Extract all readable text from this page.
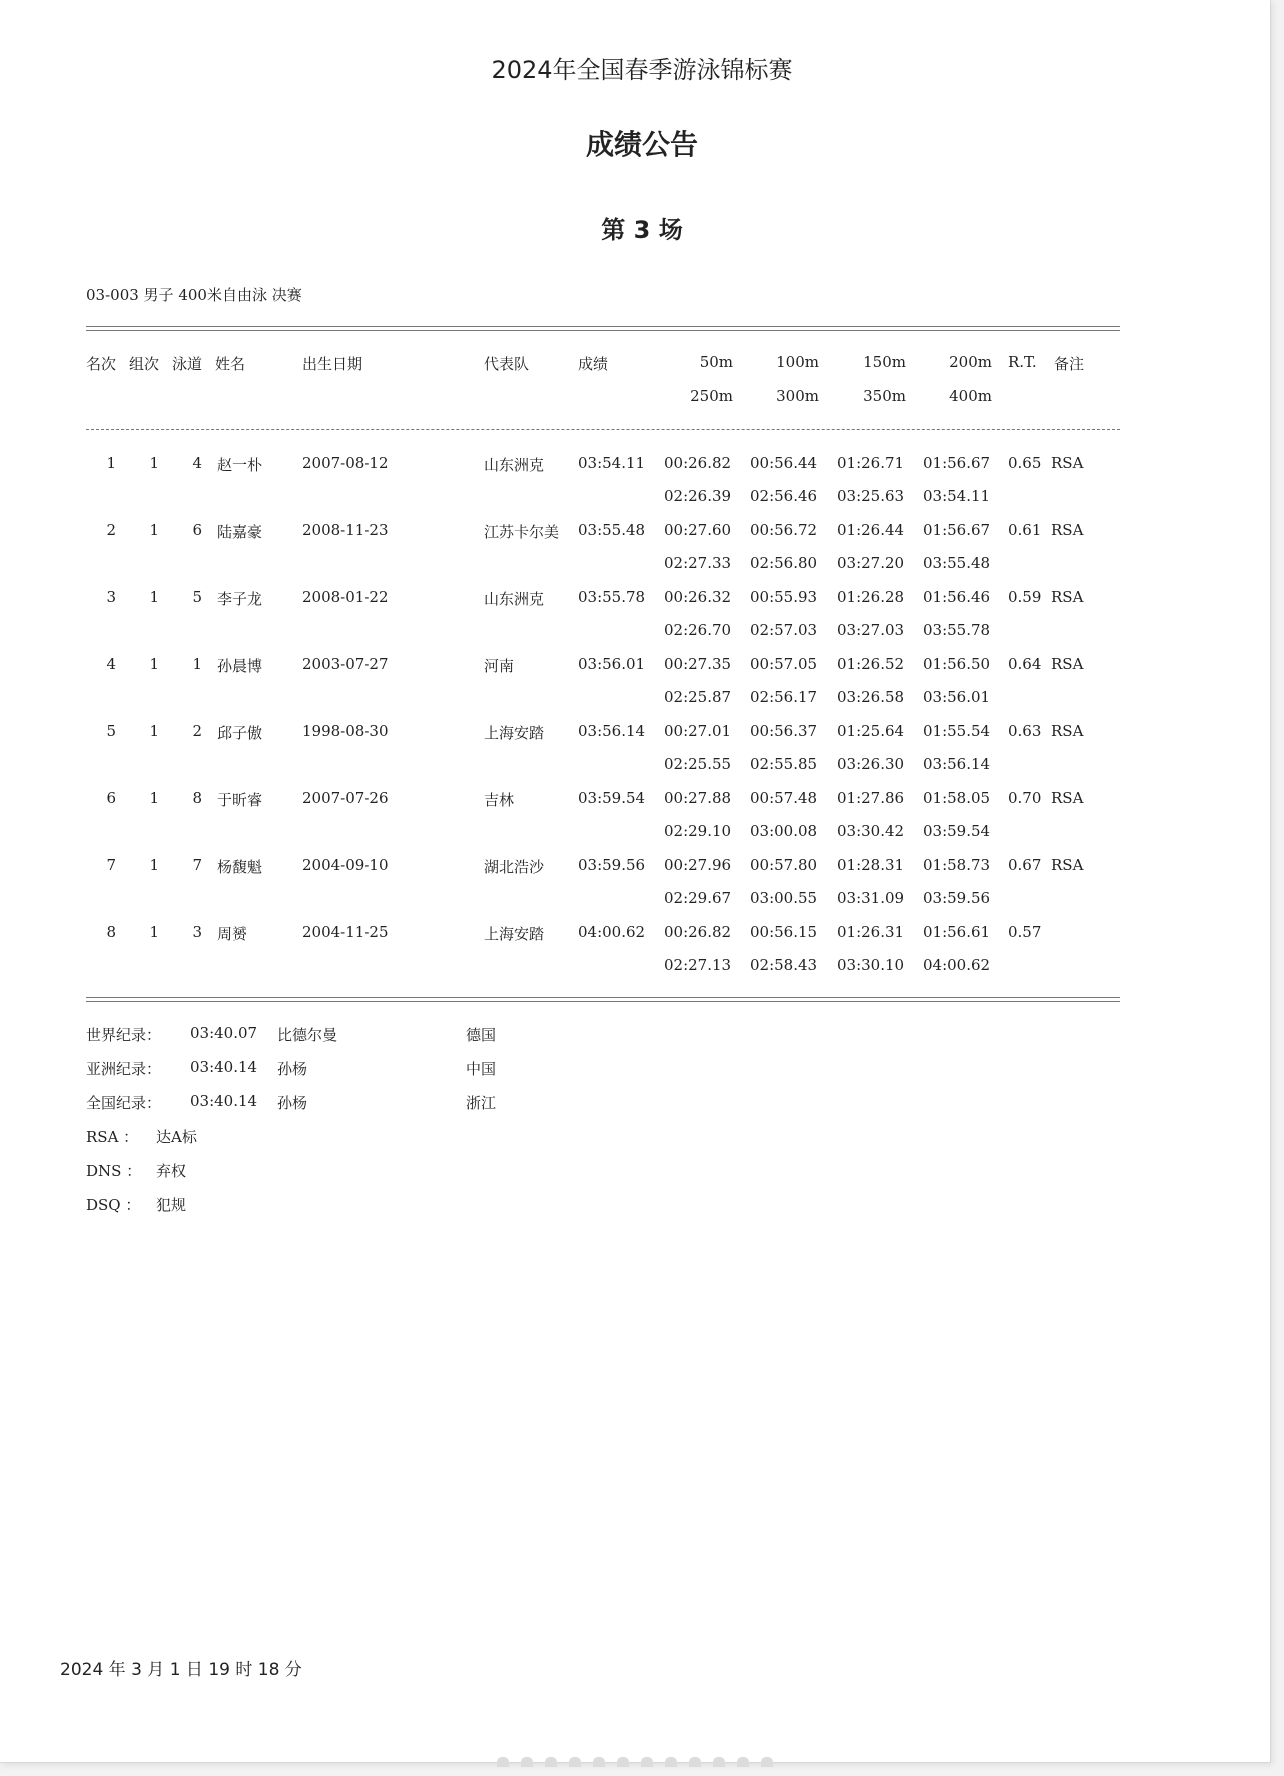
2024年全国春季游泳锦标赛
成绩公告
第 3 场
03-003 男子 400米自由泳 决赛
名次 组次 泳道 姓名	出生日期	代表队	成绩	50m	100m	150m	200m R.T. 备注
250m	300m	350m	400m
1	1	4 赵一朴	2007-08-12	山东洲克	03:54.11 00:26.82 00:56.44 01:26.71 01:56.67 0.65 RSA
02:26.39 02:56.46 03:25.63 03:54.11
2	1	6 陆嘉豪	2008-11-23	江苏卡尔美	03:55.48 00:27.60 00:56.72 01:26.44 01:56.67 0.61 RSA
02:27.33 02:56.80 03:27.20 03:55.48
3	1	5 李子龙	2008-01-22	山东洲克	03:55.78 00:26.32 00:55.93 01:26.28 01:56.46 0.59 RSA
02:26.70 02:57.03 03:27.03 03:55.78
4	1	1 孙晨博	2003-07-27	河南	03:56.01 00:27.35 00:57.05 01:26.52 01:56.50 0.64 RSA
02:25.87 02:56.17 03:26.58 03:56.01
5	1	2 邱子傲	1998-08-30	上海安踏	03:56.14 00:27.01 00:56.37 01:25.64 01:55.54 0.63 RSA
02:25.55 02:55.85 03:26.30 03:56.14
6	1	8 于昕睿	2007-07-26	吉林	03:59.54 00:27.88 00:57.48 01:27.86 01:58.05 0.70 RSA
02:29.10 03:00.08 03:30.42 03:59.54
7	1	7 杨馥魁	2004-09-10	湖北浩沙	03:59.56 00:27.96 00:57.80 01:28.31 01:58.73 0.67 RSA
02:29.67 03:00.55 03:31.09 03:59.56
8	1	3 周赟	2004-11-25	上海安踏	04:00.62 00:26.82 00:56.15 01:26.31 01:56.61 0.57
02:27.13 02:58.43 03:30.10 04:00.62
世界纪录： 03:40.07 比德尔曼	德国
亚洲纪录： 03:40.14 孙杨	中国
全国纪录： 03:40.14 孙杨	浙江
RSA ： 达A标
DNS ： 弃权
DSQ ： 犯规
2024 年 3 月 1 日 19 时 18 分
